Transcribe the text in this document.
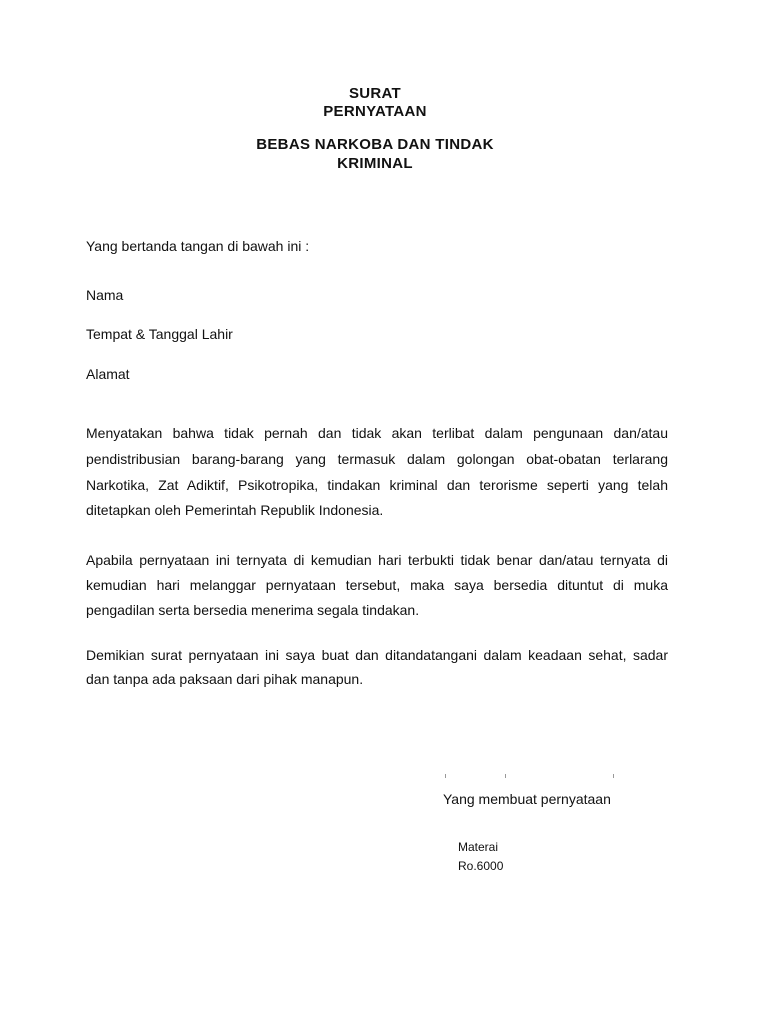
SURAT
PERNYATAAN
BEBAS NARKOBA DAN TINDAK
KRIMINAL
Yang bertanda tangan di bawah ini :
Nama
Tempat & Tanggal Lahir
Alamat
Menyatakan bahwa tidak pernah dan tidak akan terlibat dalam pengunaan dan/atau
pendistribusian barang-barang yang termasuk dalam golongan obat-obatan terlarang
Narkotika, Zat Adiktif, Psikotropika, tindakan kriminal dan terorisme seperti yang telah
ditetapkan oleh Pemerintah Republik Indonesia.
Apabila pernyataan ini ternyata di kemudian hari terbukti tidak benar dan/atau ternyata di
kemudian hari melanggar pernyataan tersebut, maka saya bersedia dituntut di muka
pengadilan serta bersedia menerima segala tindakan.
Demikian surat pernyataan ini saya buat dan ditandatangani dalam keadaan sehat, sadar
dan tanpa ada paksaan dari pihak manapun.
Yang membuat pernyataan
Materai
Ro.6000
